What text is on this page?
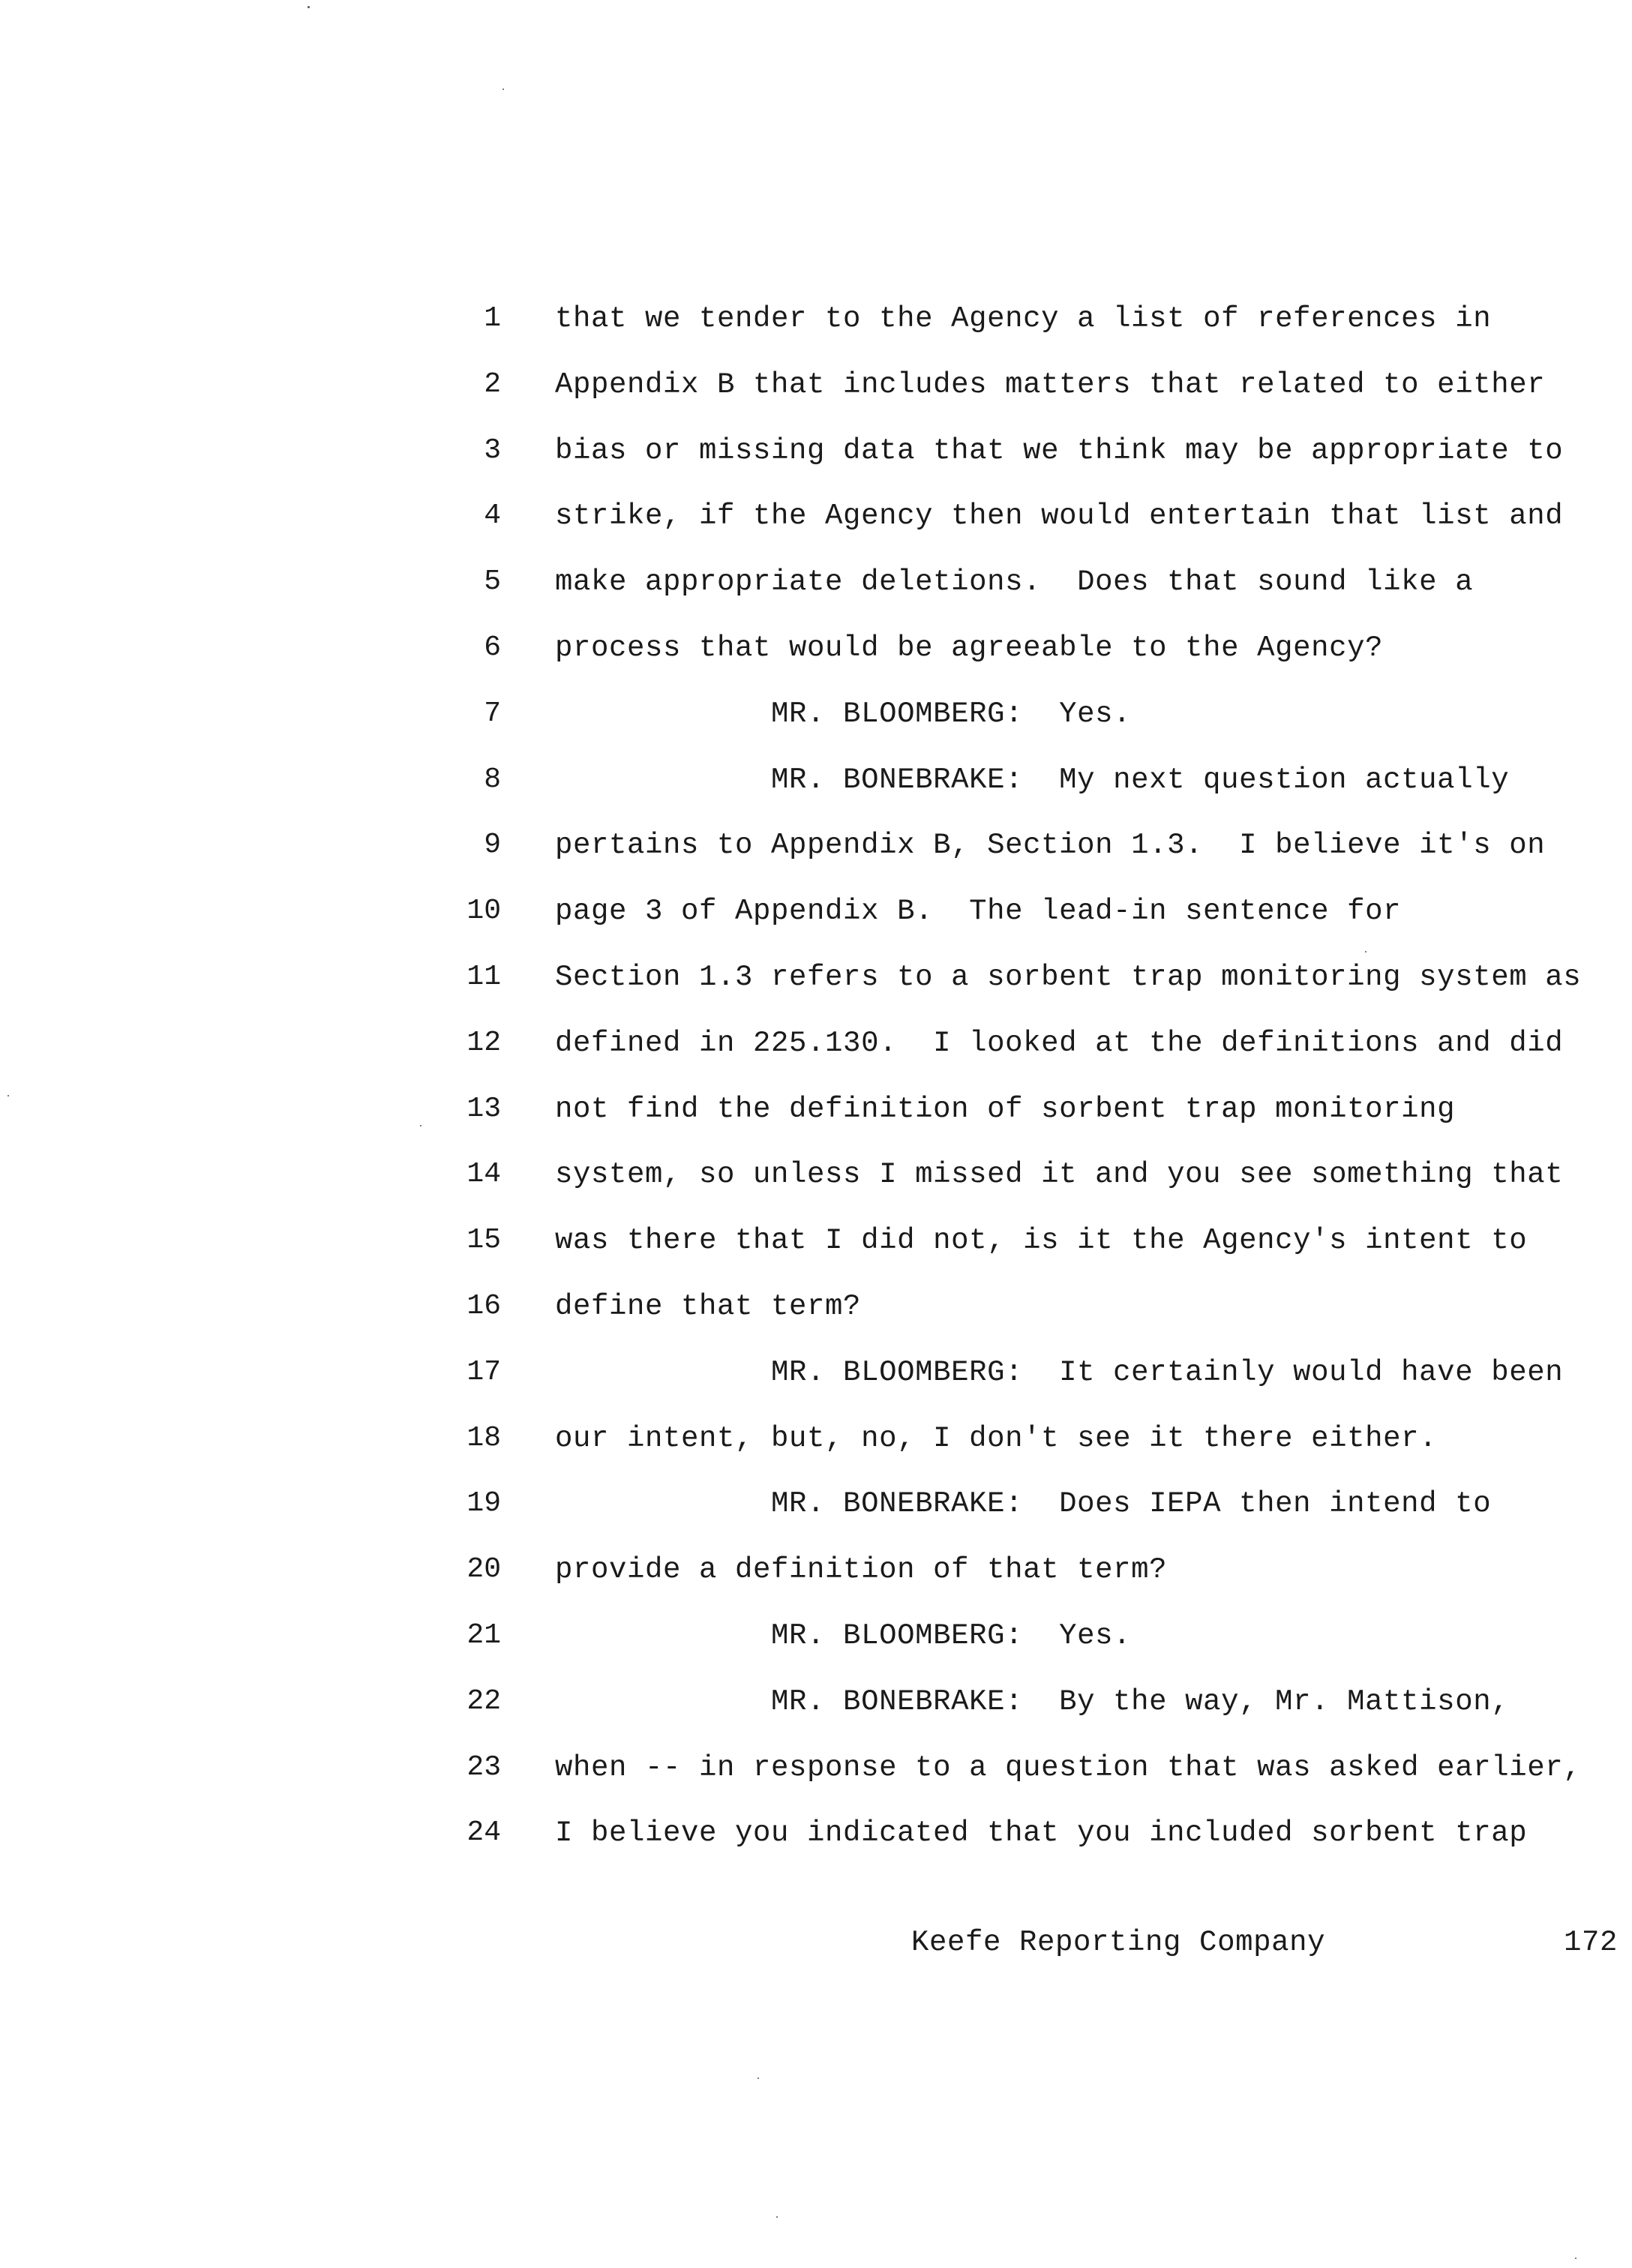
1 that we tender to the Agency a list of references in
2 Appendix B that includes matters that related to either
3 bias or missing data that we think may be appropriate to
4 strike, if the Agency then would entertain that list and
5 make appropriate deletions.  Does that sound like a
6 process that would be agreeable to the Agency?
7 MR. BLOOMBERG:  Yes.
8 MR. BONEBRAKE:  My next question actually
9 pertains to Appendix B, Section 1.3.  I believe it's on
10 page 3 of Appendix B.  The lead-in sentence for
11 Section 1.3 refers to a sorbent trap monitoring system as
12 defined in 225.130.  I looked at the definitions and did
13 not find the definition of sorbent trap monitoring
14 system, so unless I missed it and you see something that
15 was there that I did not, is it the Agency's intent to
16 define that term?
17 MR. BLOOMBERG:  It certainly would have been
18 our intent, but, no, I don't see it there either.
19 MR. BONEBRAKE:  Does IEPA then intend to
20 provide a definition of that term?
21 MR. BLOOMBERG:  Yes.
22 MR. BONEBRAKE:  By the way, Mr. Mattison,
23 when -- in response to a question that was asked earlier,
24 I believe you indicated that you included sorbent trap
Keefe Reporting Company	172
